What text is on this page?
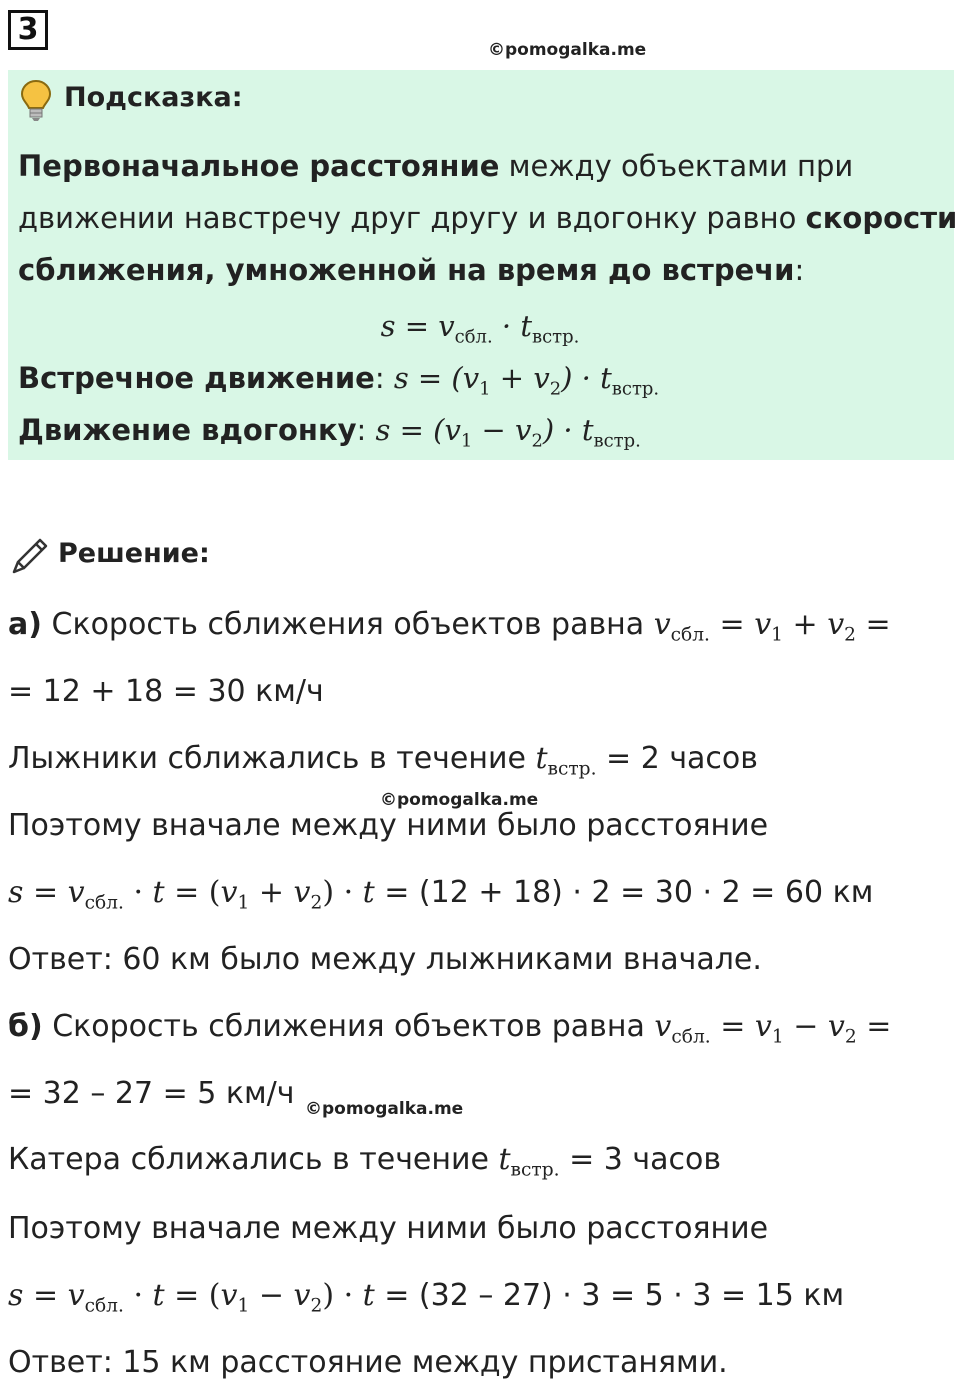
3
©pomogalka.me
Подсказка:
Первоначальное расстояние между объектами при
движении навстречу друг другу и вдогонку равно скорости
сближения, умноженной на время до встречи:
$s = v_{сбл.} \cdot t_{встр.}$
Встречное движение: $s = (v_1 + v_2) \cdot t_{встр.}$
Движение вдогонку: $s = (v_1 - v_2) \cdot t_{встр.}$
Решение:
а) Скорость сближения объектов равна $v_{сбл.} = v_1 + v_2$ =
= 12 + 18 = 30 км/ч
Лыжники сближались в течение $t_{встр.} = 2$ часов
©pomogalka.me
Поэтому вначале между ними было расстояние
$s = v_{сбл.} \cdot t = (v_1 + v_2) \cdot t = (12 + 18) \cdot 2 = 30 \cdot 2 = 60$ км
Ответ: 60 км было между лыжниками вначале.
б) Скорость сближения объектов равна $v_{сбл.} = v_1 - v_2$ =
= 32 – 27 = 5 км/ч ©pomogalka.me
Катера сближались в течение $t_{встр.} = 3$ часов
Поэтому вначале между ними было расстояние
$s = v_{сбл.} \cdot t = (v_1 - v_2) \cdot t = (32 - 27) \cdot 3 = 5 \cdot 3 = 15$ км
Ответ: 15 км расстояние между пристанями.
